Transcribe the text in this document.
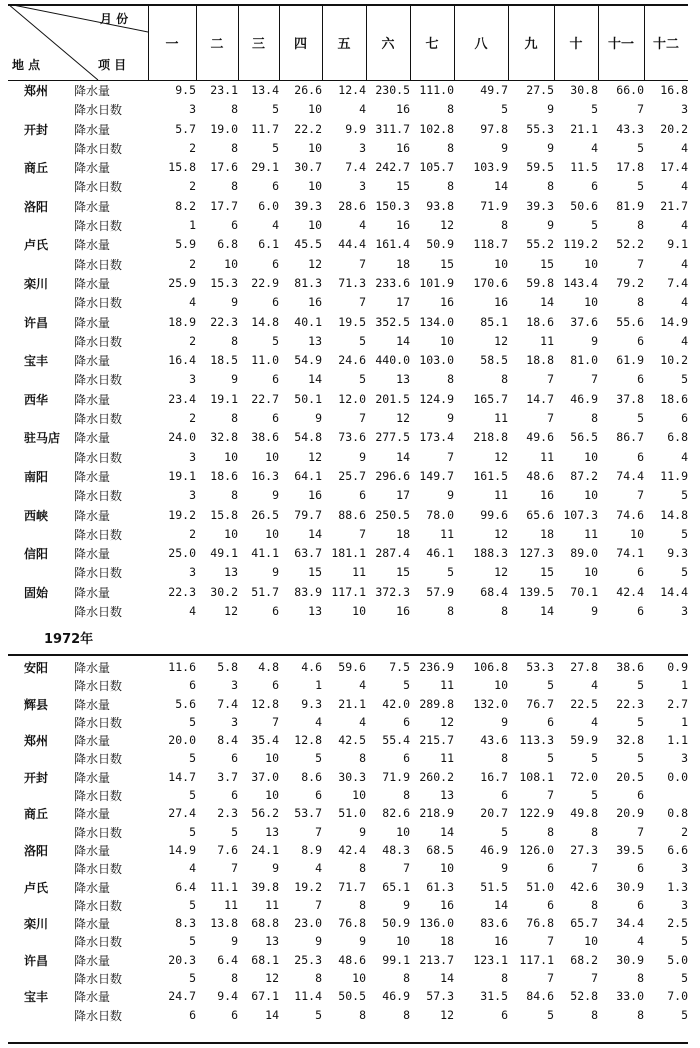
月 份
地 点	项 目
一	二	三	四	五	六	七	八	九	十	十一	十二
郑州 降水量	9.5	23.1	13.4	26.6	12.4 230.5 111.0	49.7	27.5	30.8	66.0	16.8
降水日数	3	8	5	10	4	16	8	5	9	5	7	3
开封 降水量	5.7	19.0	11.7	22.2	9.9 311.7 102.8	97.8	55.3	21.1	43.3	20.2
降水日数	2	8	5	10	3	16	8	9	9	4	5	4
商丘 降水量	15.8	17.6	29.1	30.7	7.4 242.7 105.7	103.9	59.5	11.5	17.8	17.4
降水日数	2	8	6	10	3	15	8	14	8	6	5	4
洛阳 降水量	8.2	17.7	6.0	39.3	28.6 150.3	93.8	71.9	39.3	50.6	81.9	21.7
降水日数	1	6	4	10	4	16	12	8	9	5	8	4
卢氏 降水量	5.9	6.8	6.1	45.5	44.4 161.4	50.9	118.7	55.2 119.2	52.2	9.1
降水日数	2	10	6	12	7	18	15	10	15	10	7	4
栾川 降水量	25.9	15.3	22.9	81.3	71.3 233.6 101.9	170.6	59.8 143.4	79.2	7.4
降水日数	4	9	6	16	7	17	16	16	14	10	8	4
许昌 降水量	18.9	22.3	14.8	40.1	19.5 352.5 134.0	85.1	18.6	37.6	55.6	14.9
降水日数	2	8	5	13	5	14	10	12	11	9	6	4
宝丰 降水量	16.4	18.5	11.0	54.9	24.6 440.0 103.0	58.5	18.8	81.0	61.9	10.2
降水日数	3	9	6	14	5	13	8	8	7	7	6	5
西华 降水量	23.4	19.1	22.7	50.1	12.0 201.5 124.9	165.7	14.7	46.9	37.8	18.6
降水日数	2	8	6	9	7	12	9	11	7	8	5	6
驻马店 降水量	24.0	32.8	38.6	54.8	73.6 277.5 173.4	218.8	49.6	56.5	86.7	6.8
降水日数	3	10	10	12	9	14	7	12	11	10	6	4
南阳 降水量	19.1	18.6	16.3	64.1	25.7 296.6 149.7	161.5	48.6	87.2	74.4	11.9
降水日数	3	8	9	16	6	17	9	11	16	10	7	5
西峡 降水量	19.2	15.8	26.5	79.7	88.6 250.5	78.0	99.6	65.6 107.3	74.6	14.8
降水日数	2	10	10	14	7	18	11	12	18	11	10	5
信阳 降水量	25.0	49.1	41.1	63.7 181.1 287.4	46.1	188.3 127.3	89.0	74.1	9.3
降水日数	3	13	9	15	11	15	5	12	15	10	6	5
固始 降水量	22.3	30.2	51.7	83.9 117.1 372.3	57.9	68.4 139.5	70.1	42.4	14.4
降水日数	4	12	6	13	10	16	8	8	14	9	6	3
1972年
安阳 降水量	11.6	5.8	4.8	4.6	59.6	7.5 236.9	106.8	53.3	27.8	38.6	0.9
降水日数	6	3	6	1	4	5	11	10	5	4	5	1
辉县 降水量	5.6	7.4	12.8	9.3	21.1	42.0 289.8	132.0	76.7	22.5	22.3	2.7
降水日数	5	3	7	4	4	6	12	9	6	4	5	1
郑州 降水量	20.0	8.4	35.4	12.8	42.5	55.4 215.7	43.6 113.3	59.9	32.8	1.1
降水日数	5	6	10	5	8	6	11	8	5	5	5	3
开封 降水量	14.7	3.7	37.0	8.6	30.3	71.9 260.2	16.7 108.1	72.0	20.5	0.0
降水日数	5	6	10	6	10	8	13	6	7	5	6
商丘 降水量	27.4	2.3	56.2	53.7	51.0	82.6 218.9	20.7 122.9	49.8	20.9	0.8
降水日数	5	5	13	7	9	10	14	5	8	8	7	2
洛阳 降水量	14.9	7.6	24.1	8.9	42.4	48.3	68.5	46.9 126.0	27.3	39.5	6.6
降水日数	4	7	9	4	8	7	10	9	6	7	6	3
卢氏 降水量	6.4	11.1	39.8	19.2	71.7	65.1	61.3	51.5	51.0	42.6	30.9	1.3
降水日数	5	11	11	7	8	9	16	14	6	8	6	3
栾川 降水量	8.3	13.8	68.8	23.0	76.8	50.9 136.0	83.6	76.8	65.7	34.4	2.5
降水日数	5	9	13	9	9	10	18	16	7	10	4	5
许昌 降水量	20.3	6.4	68.1	25.3	48.6	99.1 213.7	123.1 117.1	68.2	30.9	5.0
降水日数	5	8	12	8	10	8	14	8	7	7	8	5
宝丰 降水量	24.7	9.4	67.1	11.4	50.5	46.9	57.3	31.5	84.6	52.8	33.0	7.0
降水日数	6	6	14	5	8	8	12	6	5	8	8	5
